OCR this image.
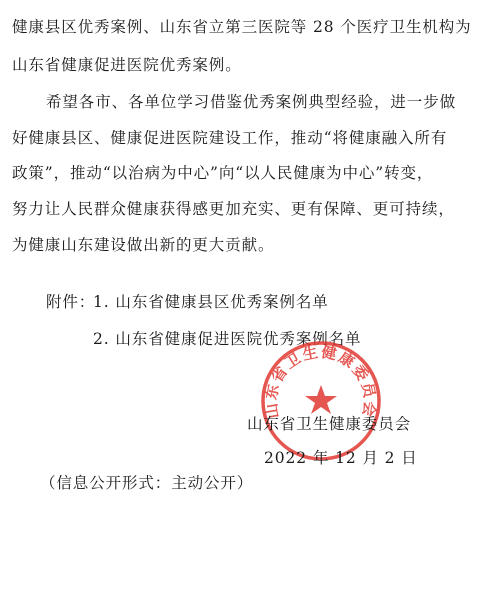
健康县区优秀案例、山东省立第三医院等 28 个医疗卫生机构为

山东省健康促进医院优秀案例。

希望各市、各单位学习借鉴优秀案例典型经验，进一步做

好健康县区、健康促进医院建设工作，推动“将健康融入所有

政策”，推动“以治病为中心”向“以人民健康为中心”转变，

努力让人民群众健康获得感更加充实、更有保障、更可持续，

为健康山东建设做出新的更大贡献。

附件：

1. 山东省健康县区优秀案例名单

2. 山东省健康促进医院优秀案例名单

山东省卫生健康委员会
山东省卫生健康委员会
2022 年 12 月 2 日

（信息公开形式：主动公开）
